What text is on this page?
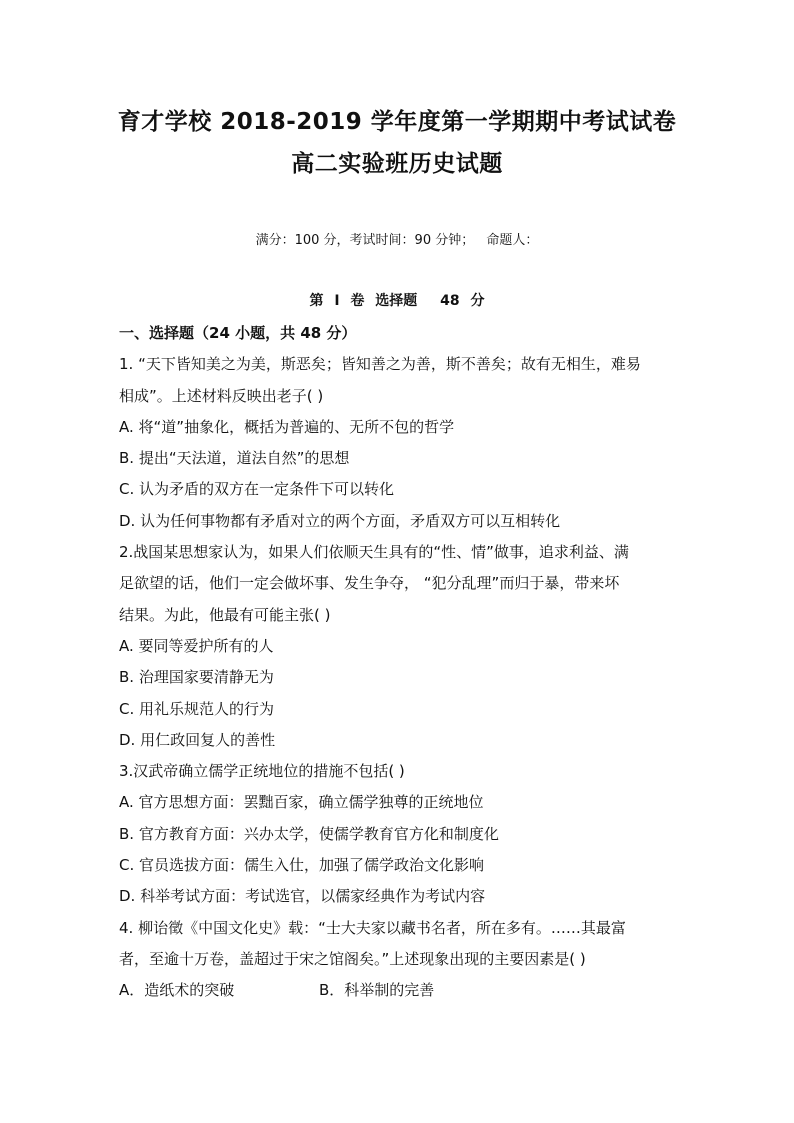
育才学校 2018-2019 学年度第一学期期中考试试卷
高二实验班历史试题
满分：100 分，考试时间：90 分钟； 命题人：
第 I 卷 选择题 48 分
一、选择题（24 小题，共 48 分）
1. “天下皆知美之为美，斯恶矣；皆知善之为善，斯不善矣；故有无相生，难易
相成”。上述材料反映出老子( )
A. 将“道”抽象化，概括为普遍的、无所不包的哲学
B. 提出“天法道，道法自然”的思想
C. 认为矛盾的双方在一定条件下可以转化
D. 认为任何事物都有矛盾对立的两个方面，矛盾双方可以互相转化
2.战国某思想家认为，如果人们依顺天生具有的“性、情”做事，追求利益、满
足欲望的话，他们一定会做坏事、发生争夺， “犯分乱理”而归于暴，带来坏
结果。为此，他最有可能主张( )
A. 要同等爱护所有的人
B. 治理国家要清静无为
C. 用礼乐规范人的行为
D. 用仁政回复人的善性
3.汉武帝确立儒学正统地位的措施不包括( )
A. 官方思想方面：罢黜百家，确立儒学独尊的正统地位
B. 官方教育方面：兴办太学，使儒学教育官方化和制度化
C. 官员选拔方面：儒生入仕，加强了儒学政治文化影响
D. 科举考试方面：考试选官，以儒家经典作为考试内容
4. 柳诒徵《中国文化史》载：“士大夫家以藏书名者，所在多有。……其最富
者，至逾十万卷，盖超过于宋之馆阁矣。”上述现象出现的主要因素是( )
A．造纸术的突破	B．科举制的完善
